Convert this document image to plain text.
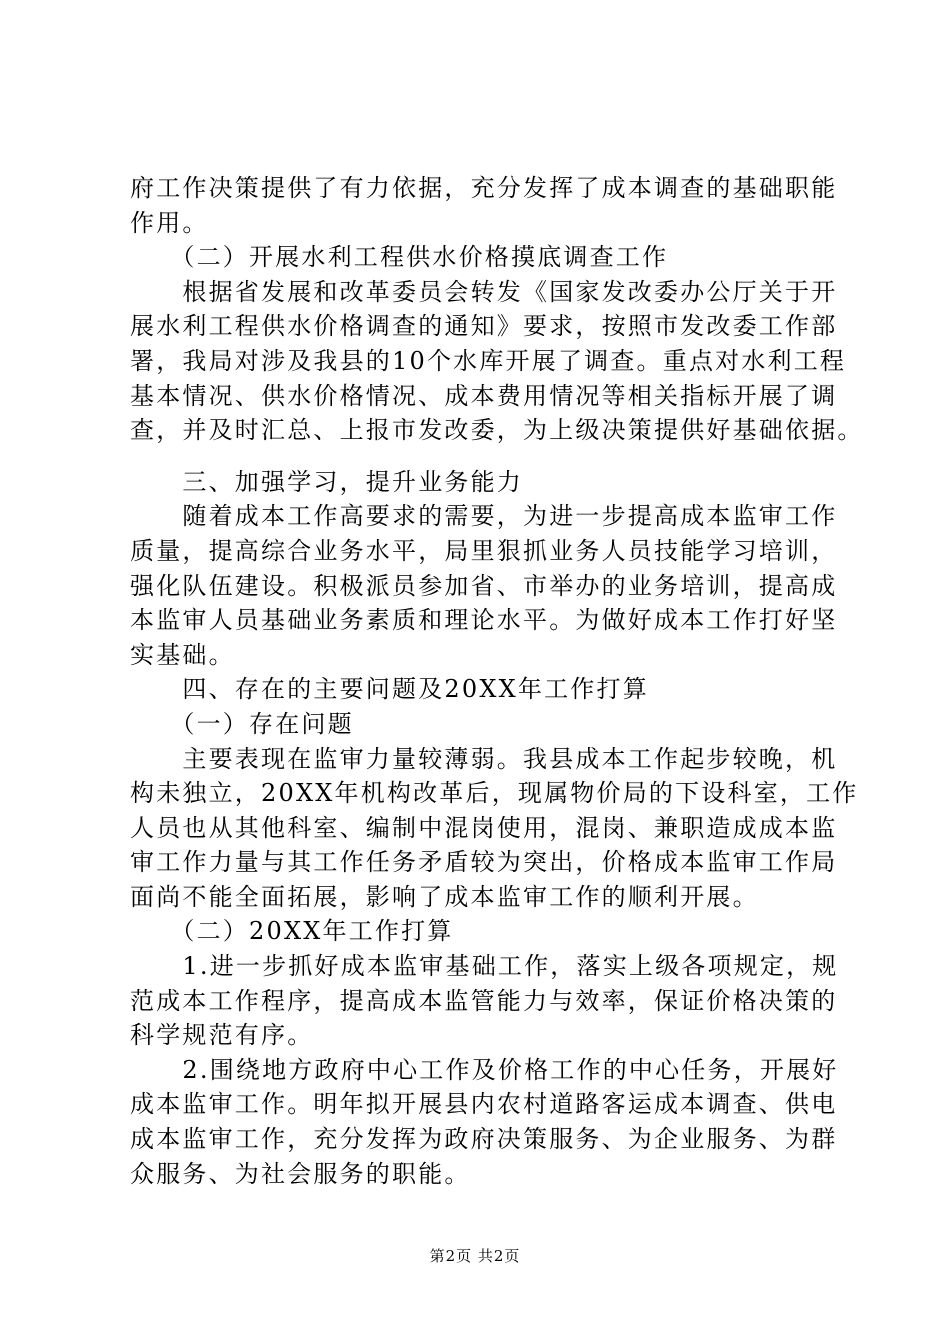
府工作决策提供了有力依据，充分发挥了成本调查的基础职能
作用。
　　（二）开展水利工程供水价格摸底调查工作
　　根据省发展和改革委员会转发《国家发改委办公厅关于开
展水利工程供水价格调查的通知》要求，按照市发改委工作部
署，我局对涉及我县的10个水库开展了调查。重点对水利工程
基本情况、供水价格情况、成本费用情况等相关指标开展了调
查，并及时汇总、上报市发改委，为上级决策提供好基础依据。
　　三、加强学习，提升业务能力
　　随着成本工作高要求的需要，为进一步提高成本监审工作
质量，提高综合业务水平，局里狠抓业务人员技能学习培训，
强化队伍建设。积极派员参加省、市举办的业务培训，提高成
本监审人员基础业务素质和理论水平。为做好成本工作打好坚
实基础。
　　四、存在的主要问题及20XX年工作打算
　　（一）存在问题
　　主要表现在监审力量较薄弱。我县成本工作起步较晚，机
构未独立，20XX年机构改革后，现属物价局的下设科室，工作
人员也从其他科室、编制中混岗使用，混岗、兼职造成成本监
审工作力量与其工作任务矛盾较为突出，价格成本监审工作局
面尚不能全面拓展，影响了成本监审工作的顺利开展。
　　（二）20XX年工作打算
　　1.进一步抓好成本监审基础工作，落实上级各项规定，规
范成本工作程序，提高成本监管能力与效率，保证价格决策的
科学规范有序。
　　2.围绕地方政府中心工作及价格工作的中心任务，开展好
成本监审工作。明年拟开展县内农村道路客运成本调查、供电
成本监审工作，充分发挥为政府决策服务、为企业服务、为群
众服务、为社会服务的职能。
第2页 共2页
